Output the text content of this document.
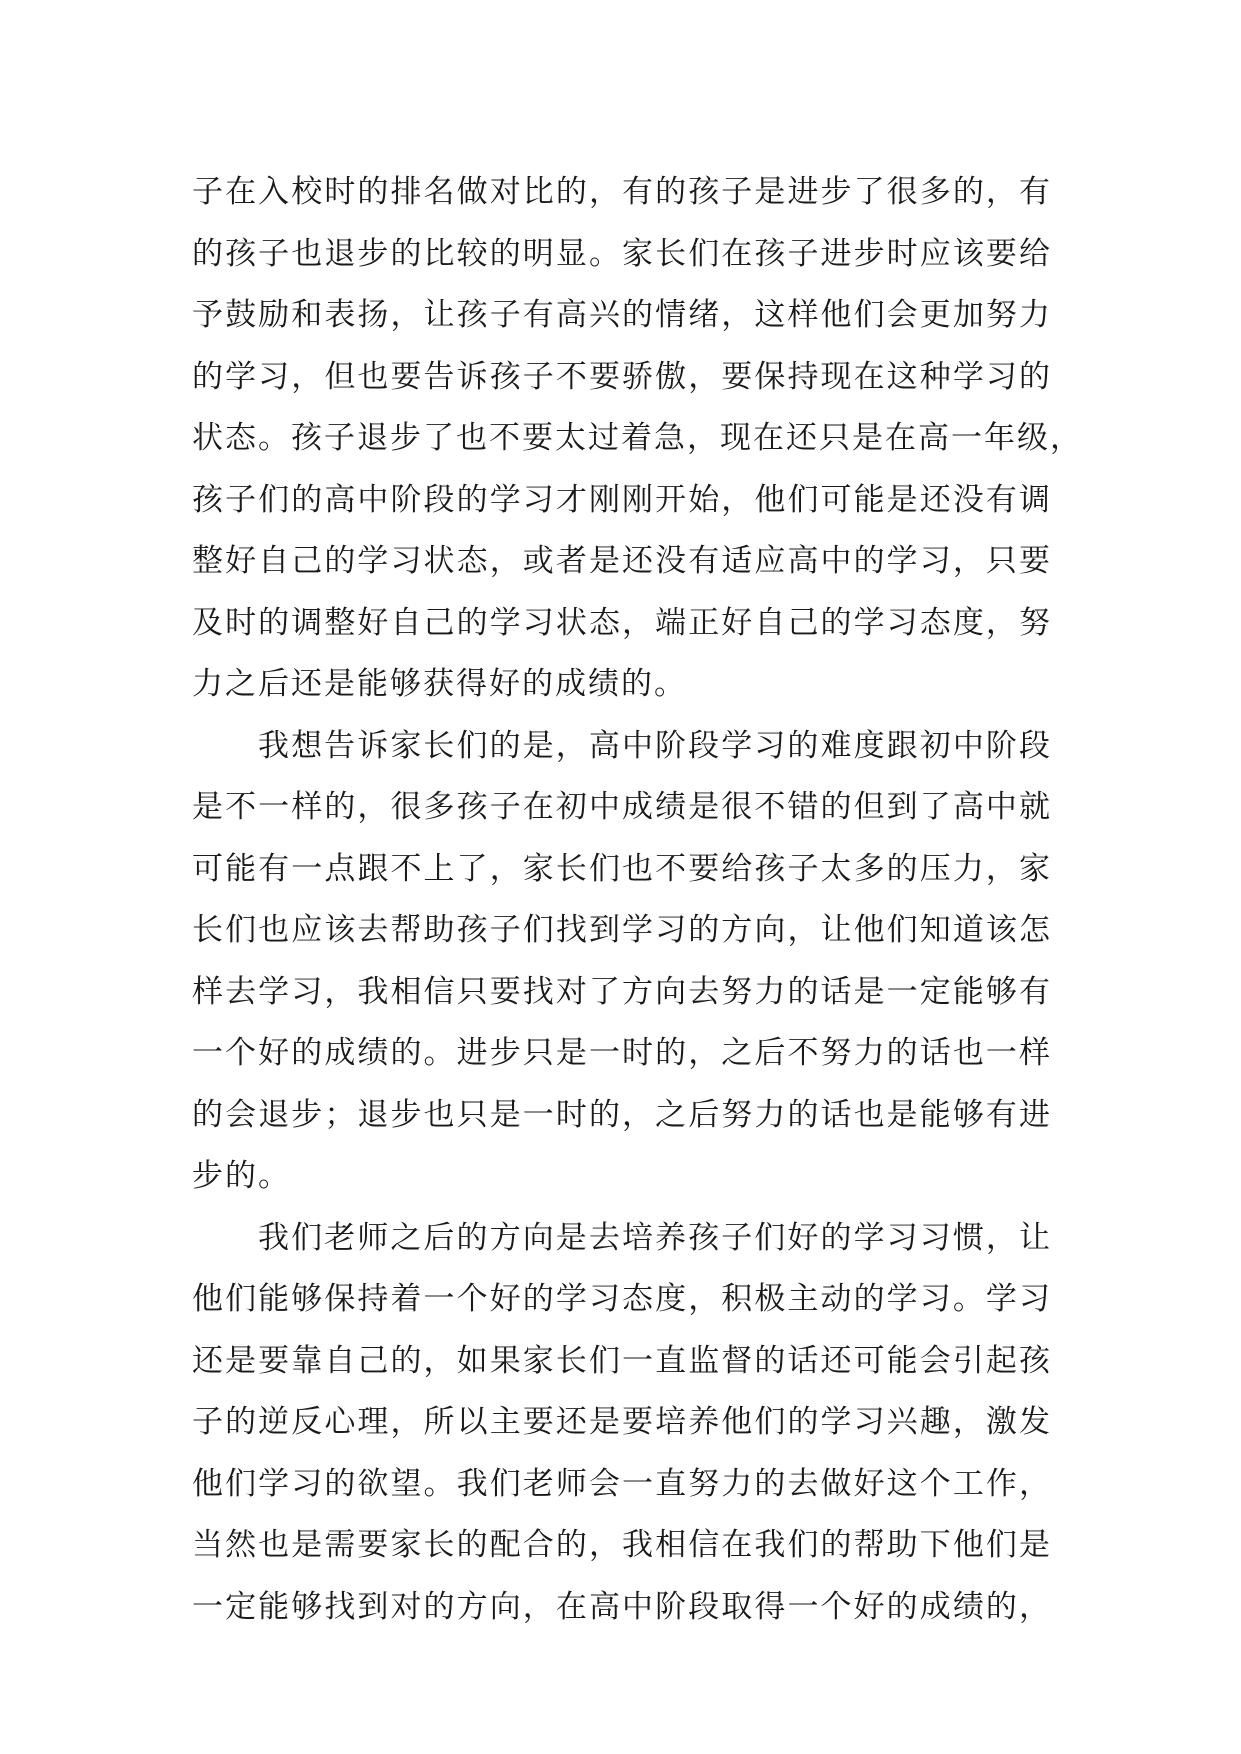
子在入校时的排名做对比的，有的孩子是进步了很多的，有
的孩子也退步的比较的明显。家长们在孩子进步时应该要给
予鼓励和表扬，让孩子有高兴的情绪，这样他们会更加努力
的学习，但也要告诉孩子不要骄傲，要保持现在这种学习的
状态。孩子退步了也不要太过着急，现在还只是在高一年级，
孩子们的高中阶段的学习才刚刚开始，他们可能是还没有调
整好自己的学习状态，或者是还没有适应高中的学习，只要
及时的调整好自己的学习状态，端正好自己的学习态度，努
力之后还是能够获得好的成绩的。

我想告诉家长们的是，高中阶段学习的难度跟初中阶段
是不一样的，很多孩子在初中成绩是很不错的但到了高中就
可能有一点跟不上了，家长们也不要给孩子太多的压力，家
长们也应该去帮助孩子们找到学习的方向，让他们知道该怎
样去学习，我相信只要找对了方向去努力的话是一定能够有
一个好的成绩的。进步只是一时的，之后不努力的话也一样
的会退步；退步也只是一时的，之后努力的话也是能够有进
步的。

我们老师之后的方向是去培养孩子们好的学习习惯，让
他们能够保持着一个好的学习态度，积极主动的学习。学习
还是要靠自己的，如果家长们一直监督的话还可能会引起孩
子的逆反心理，所以主要还是要培养他们的学习兴趣，激发
他们学习的欲望。我们老师会一直努力的去做好这个工作，
当然也是需要家长的配合的，我相信在我们的帮助下他们是
一定能够找到对的方向，在高中阶段取得一个好的成绩的，
